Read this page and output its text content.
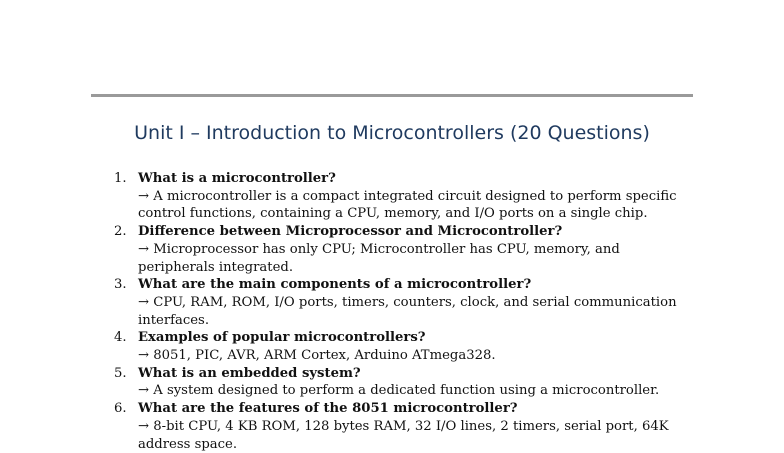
Unit I – Introduction to Microcontrollers (20 Questions)
1. What is a microcontroller?
→ A microcontroller is a compact integrated circuit designed to perform specific control functions, containing a CPU, memory, and I/O ports on a single chip.
2. Difference between Microprocessor and Microcontroller?
→ Microprocessor has only CPU; Microcontroller has CPU, memory, and peripherals integrated.
3. What are the main components of a microcontroller?
→ CPU, RAM, ROM, I/O ports, timers, counters, clock, and serial communication interfaces.
4. Examples of popular microcontrollers?
→ 8051, PIC, AVR, ARM Cortex, Arduino ATmega328.
5. What is an embedded system?
→ A system designed to perform a dedicated function using a microcontroller.
6. What are the features of the 8051 microcontroller?
→ 8-bit CPU, 4 KB ROM, 128 bytes RAM, 32 I/O lines, 2 timers, serial port, 64K address space.
